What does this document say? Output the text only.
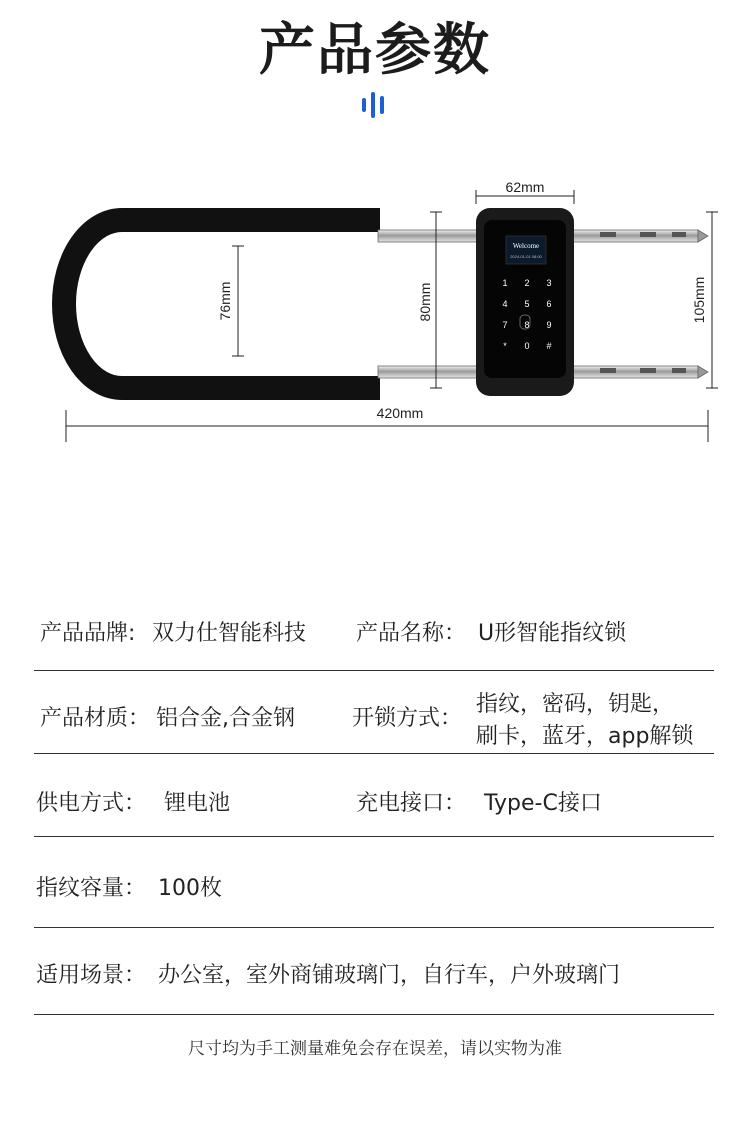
产品参数
Welcome
2024-01-01 08:00
1 2 3
4 5 6
7 8 9
* 0 #
62mm
76mm	80mm	105mm
420mm
产品品牌: 双力仕智能科技 产品名称： U形智能指纹锁
产品材质： 铝合金,合金钢	开锁方式：
指纹，密码，钥匙，
刷卡，蓝牙，app解锁
供电方式： 锂电池	充电接口： Type-C接口
指纹容量： 100枚
适用场景： 办公室，室外商铺玻璃门，自行车，户外玻璃门
尺寸均为手工测量难免会存在误差，请以实物为准
